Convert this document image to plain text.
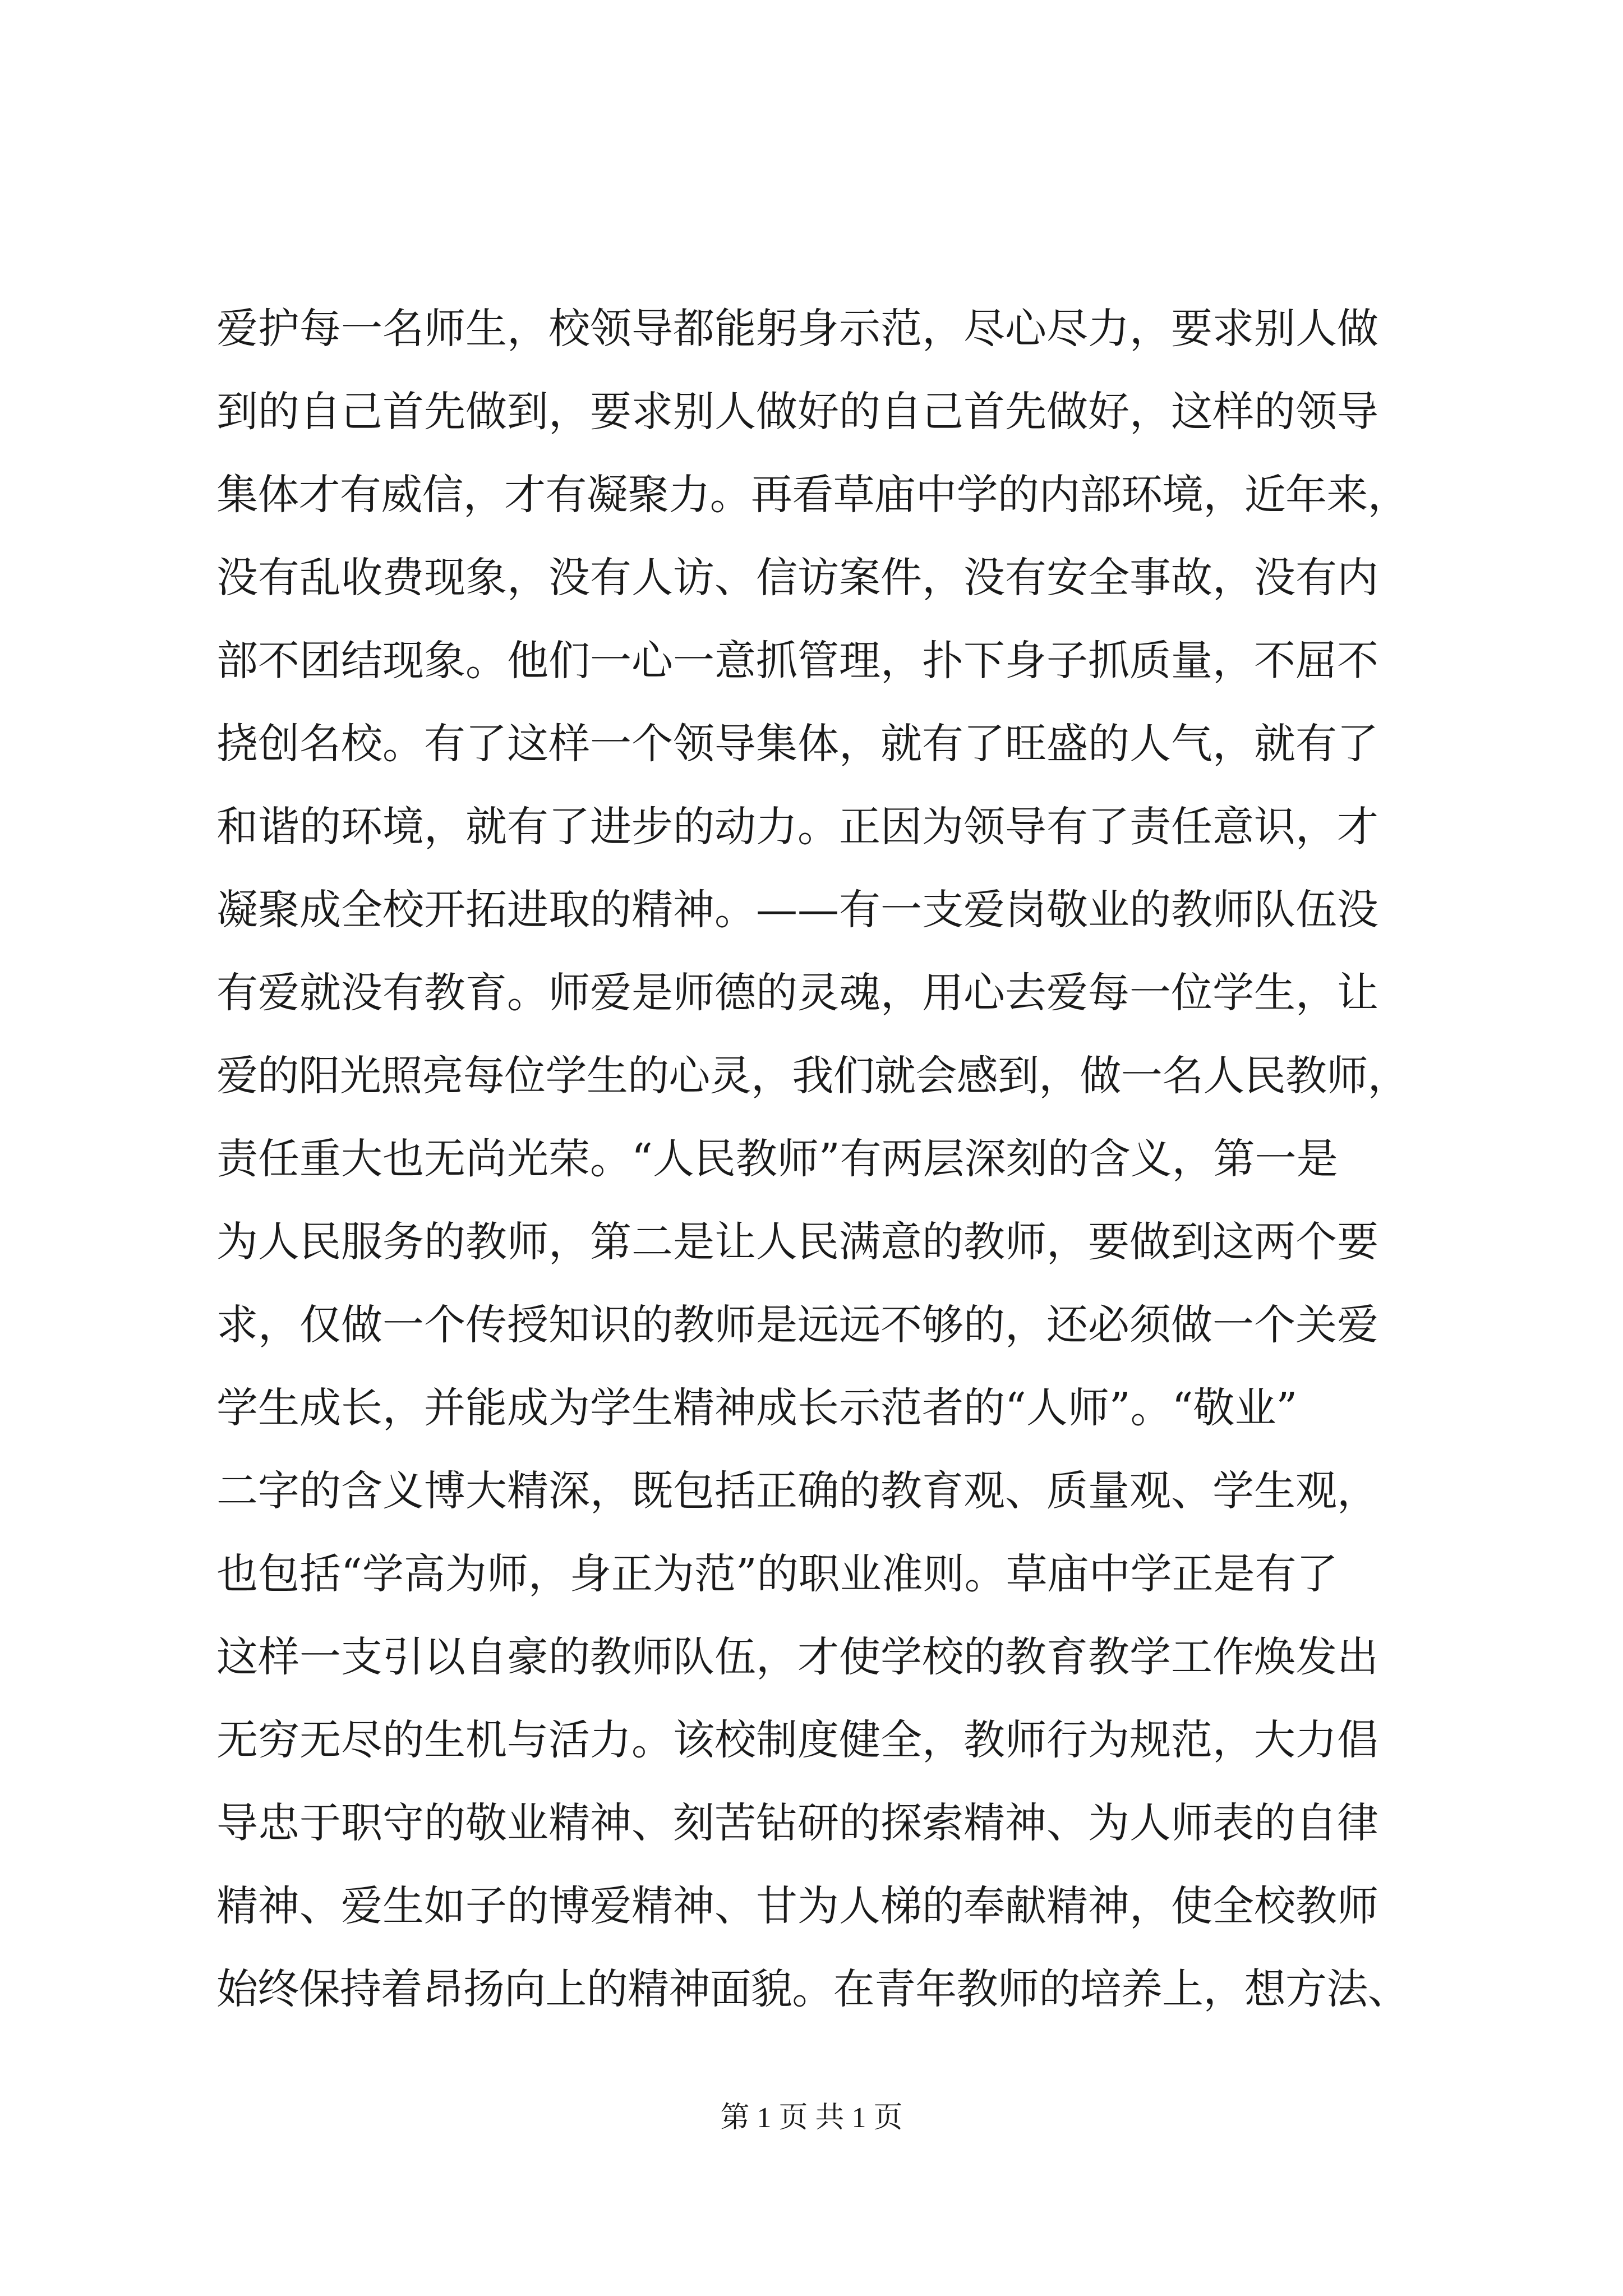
爱护每一名师生，校领导都能躬身示范，尽心尽力，要求别人做
到的自己首先做到，要求别人做好的自己首先做好，这样的领导
集体才有威信，才有凝聚力。再看草庙中学的内部环境，近年来，
没有乱收费现象，没有人访、信访案件，没有安全事故，没有内
部不团结现象。他们一心一意抓管理，扑下身子抓质量，不屈不
挠创名校。有了这样一个领导集体，就有了旺盛的人气，就有了
和谐的环境，就有了进步的动力。正因为领导有了责任意识，才
凝聚成全校开拓进取的精神。——有一支爱岗敬业的教师队伍没
有爱就没有教育。师爱是师德的灵魂，用心去爱每一位学生，让
爱的阳光照亮每位学生的心灵，我们就会感到，做一名人民教师，
责任重大也无尚光荣。“人民教师”有两层深刻的含义，第一是
为人民服务的教师，第二是让人民满意的教师，要做到这两个要
求，仅做一个传授知识的教师是远远不够的，还必须做一个关爱
学生成长，并能成为学生精神成长示范者的“人师”。“敬业”
二字的含义博大精深，既包括正确的教育观、质量观、学生观，
也包括“学高为师，身正为范”的职业准则。草庙中学正是有了
这样一支引以自豪的教师队伍，才使学校的教育教学工作焕发出
无穷无尽的生机与活力。该校制度健全，教师行为规范，大力倡
导忠于职守的敬业精神、刻苦钻研的探索精神、为人师表的自律
精神、爱生如子的博爱精神、甘为人梯的奉献精神，使全校教师
始终保持着昂扬向上的精神面貌。在青年教师的培养上，想方法、
第 1 页 共 1 页
